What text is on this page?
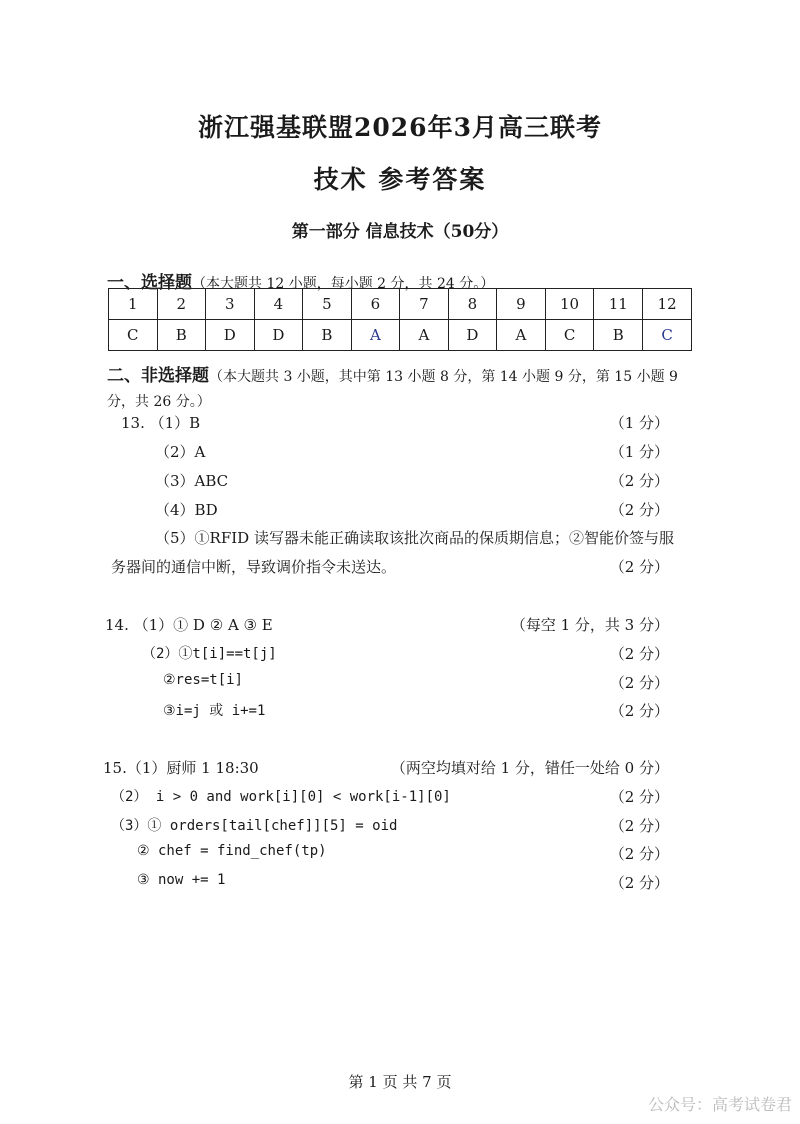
浙江强基联盟2026年3月高三联考
技术 参考答案
第一部分 信息技术（50分）
一、选择题（本大题共 12 小题，每小题 2 分，共 24 分。）
1	2	3	4	5	6	7	8	9	10	11	12
C	B	D	D	B	A	A	D	A	C	B	C
二、非选择题（本大题共 3 小题，其中第 13 小题 8 分，第 14 小题 9 分，第 15 小题 9 分，共 26 分。）
13. （1）B	（1 分）
（2）A	（1 分）
（3）ABC	（2 分）
（4）BD	（2 分）
（5）①RFID 读写器未能正确读取该批次商品的保质期信息；②智能价签与服
务器间的通信中断，导致调价指令未送达。	（2 分）
14. （1）① D ② A ③ E	（每空 1 分，共 3 分）
（2）①t[i]==t[j]	（2 分）
②res=t[i]	（2 分）
③i=j 或 i+=1	（2 分）
15.（1）厨师 1 18:30	（两空均填对给 1 分，错任一处给 0 分）
（2） i > 0 and work[i][0] < work[i-1][0]	（2 分）
（3）① orders[tail[chef]][5] = oid	（2 分）
② chef = find_chef(tp)	（2 分）
③ now += 1	（2 分）
第 1 页 共 7 页
公众号：高考试卷君
